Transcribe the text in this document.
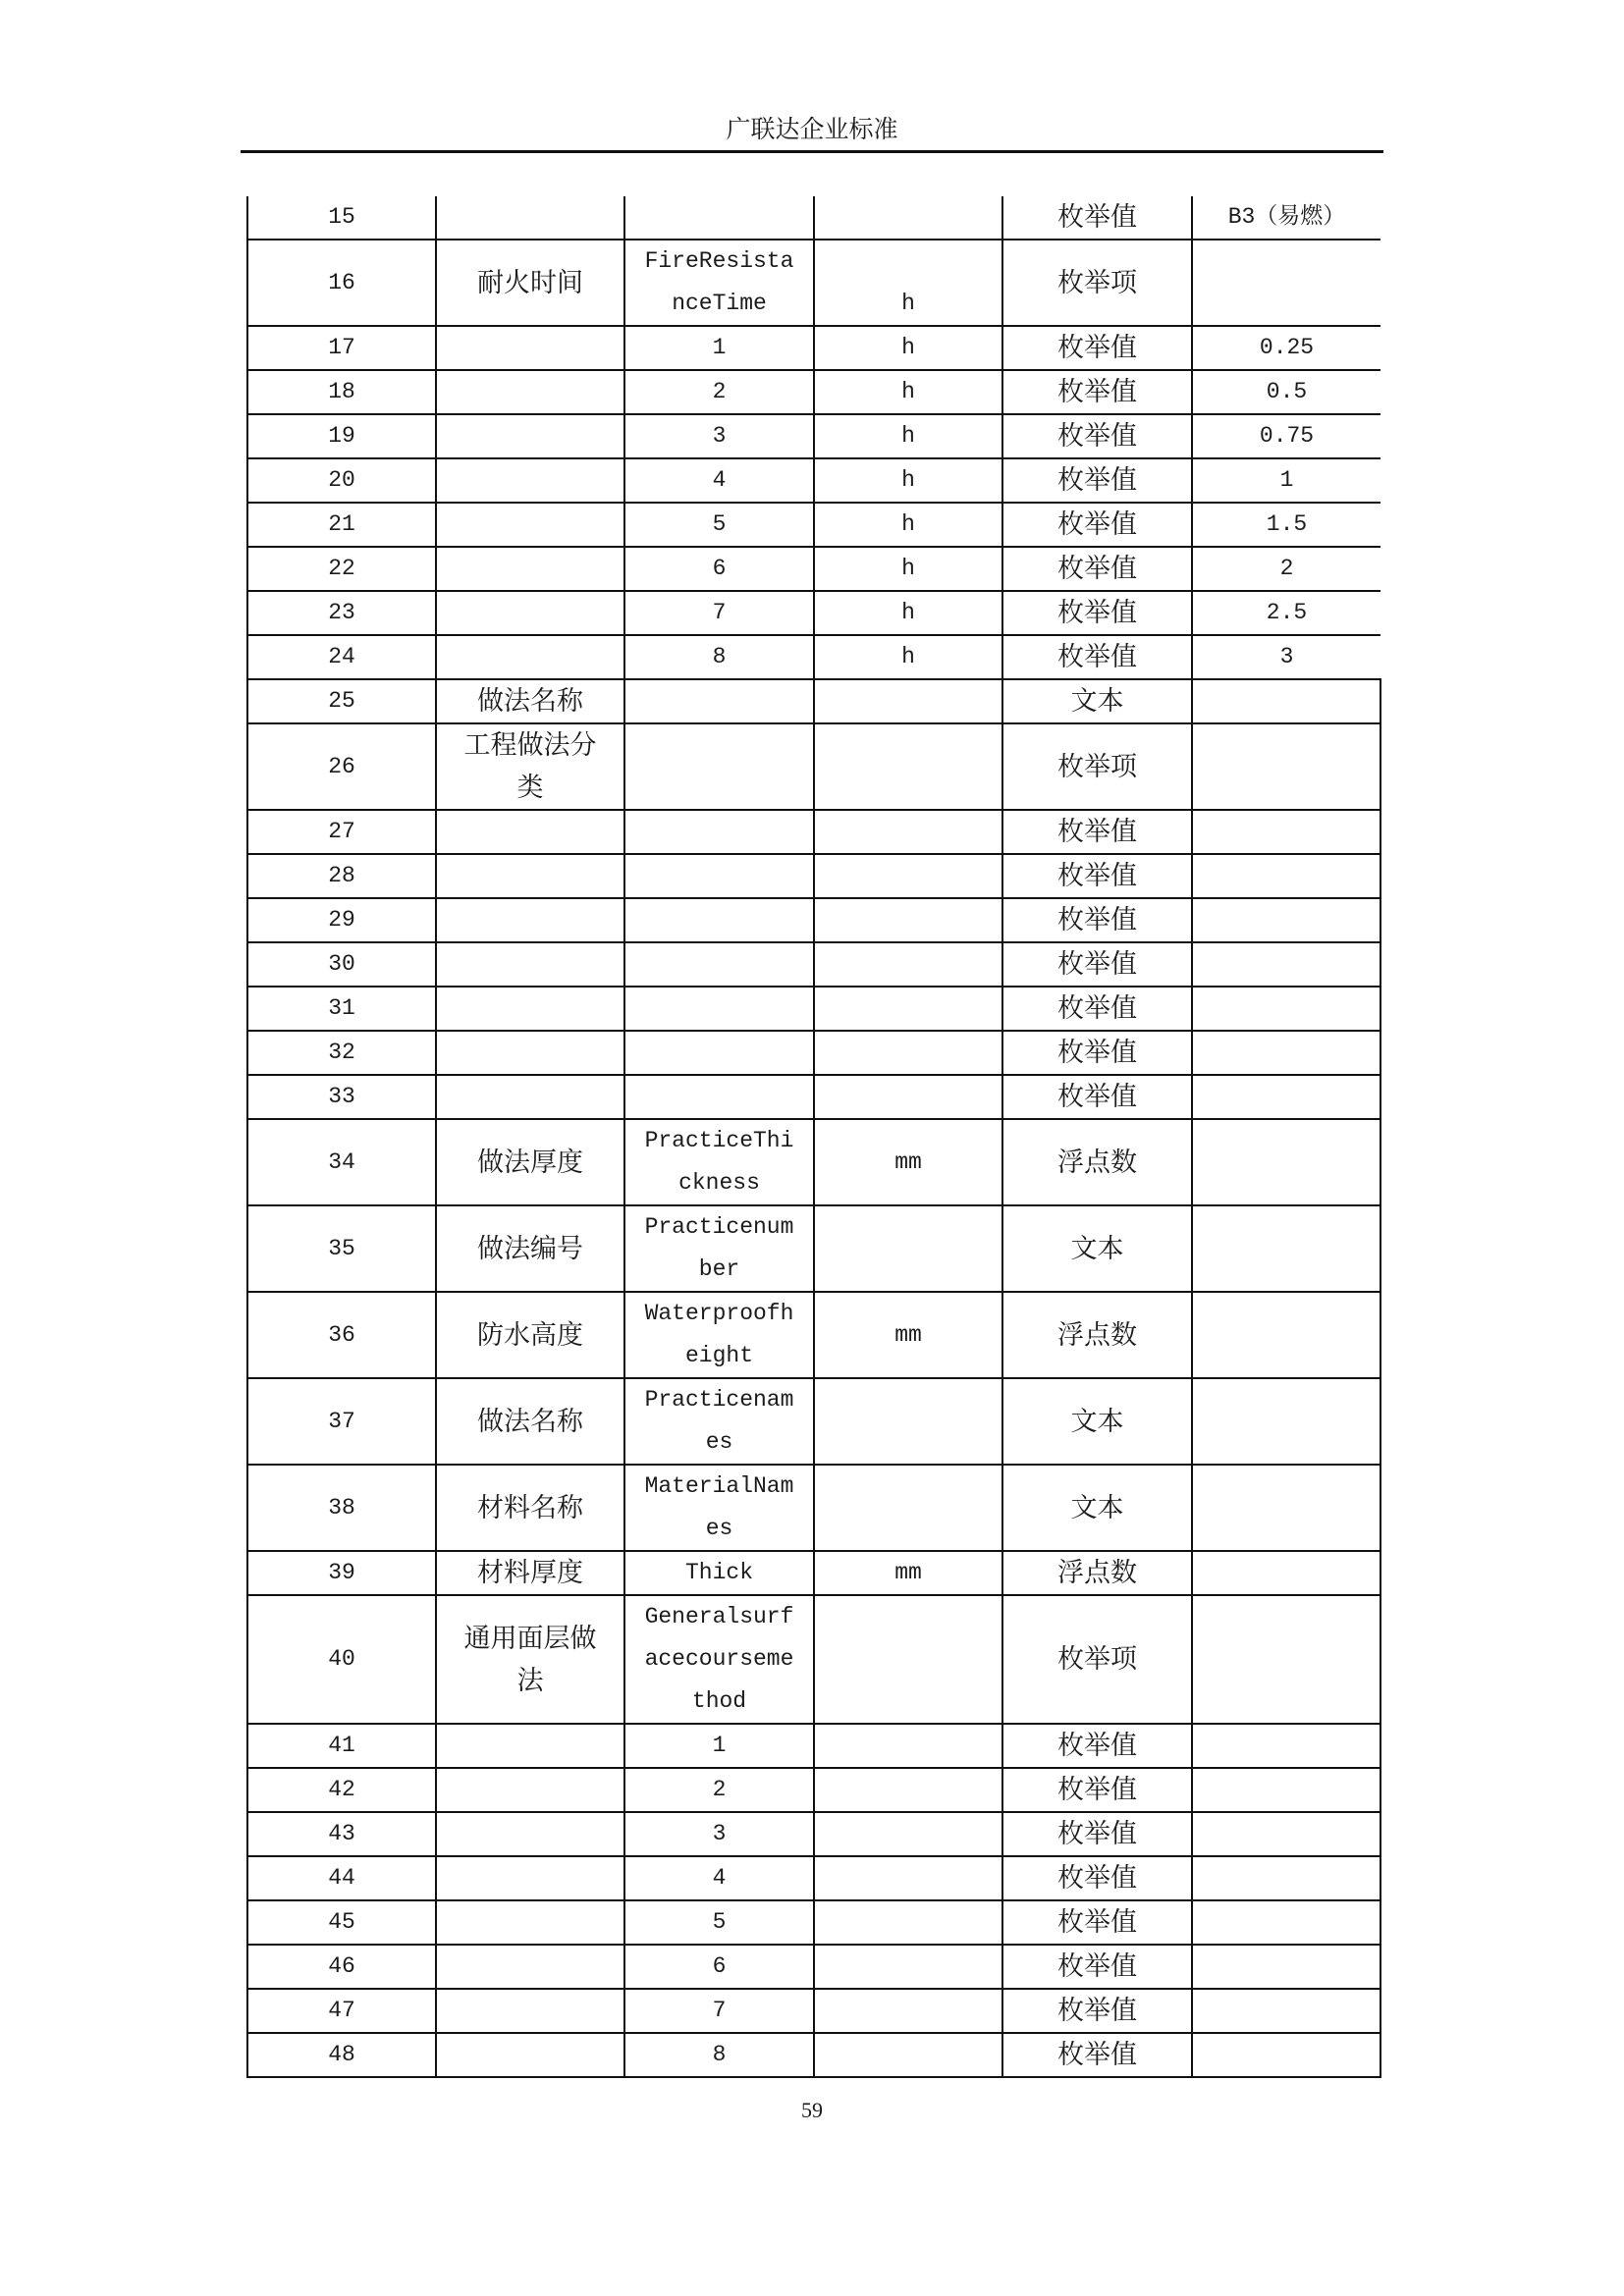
广联达企业标准
15				枚举值	B3（易燃）
16	耐火时间	FireResistanceTime	h	枚举项	
17		1	h	枚举值	0.25
18		2	h	枚举值	0.5
19		3	h	枚举值	0.75
20		4	h	枚举值	1
21		5	h	枚举值	1.5
22		6	h	枚举值	2
23		7	h	枚举值	2.5
24		8	h	枚举值	3
25	做法名称			文本	
26	工程做法分类			枚举项	
27				枚举值	
28				枚举值	
29				枚举值	
30				枚举值	
31				枚举值	
32				枚举值	
33				枚举值	
34	做法厚度	PracticeThickness	mm	浮点数	
35	做法编号	Practicenumber		文本	
36	防水高度	Waterproofheight	mm	浮点数	
37	做法名称	Practicenames		文本	
38	材料名称	MaterialNames		文本	
39	材料厚度	Thick	mm	浮点数	
40	通用面层做法	Generalsurfacecoursemethod		枚举项	
41		1		枚举值	
42		2		枚举值	
43		3		枚举值	
44		4		枚举值	
45		5		枚举值	
46		6		枚举值	
47		7		枚举值	
48		8		枚举值	
59
